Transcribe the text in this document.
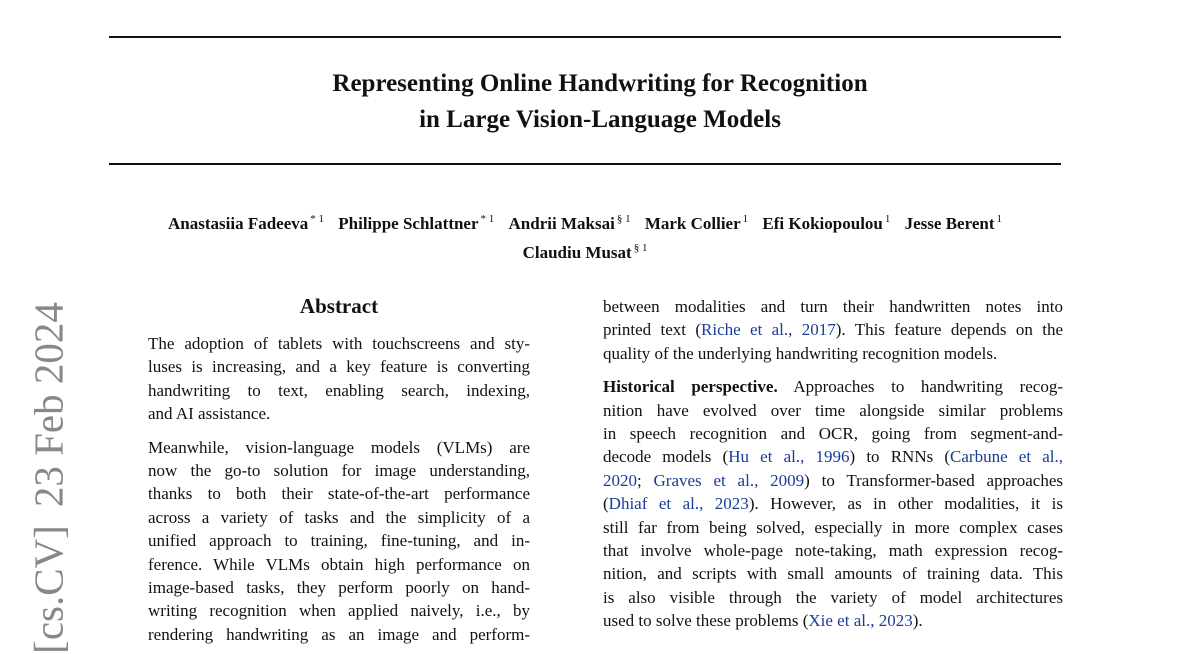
Representing Online Handwriting for Recognition
in Large Vision-Language Models
Anastasiia Fadeeva $^{* 1}$ Philippe Schlattner $^{* 1}$ Andrii Maksai $^{\S 1}$ Mark Collier $^1$ Efi Kokiopoulou $^1$ Jesse Berent $^1$
Claudiu Musat $^{\S 1}$
[cs.CV]23 Feb 2024	Abstract

The adoption of tablets with touchscreens and sty-
luses is increasing, and a key feature is converting
handwriting to text, enabling search, indexing,
and AI assistance.

Meanwhile, vision-language models (VLMs) are
now the go-to solution for image understanding,
thanks to both their state-of-the-art performance
across a variety of tasks and the simplicity of a
unified approach to training, fine-tuning, and in-
ference. While VLMs obtain high performance on
image-based tasks, they perform poorly on hand-
writing recognition when applied naively, i.e., by
rendering handwriting as an image and perform-

between modalities and turn their handwritten notes into
printed text (Riche et al., 2017). This feature depends on the
quality of the underlying handwriting recognition models.

Historical perspective. Approaches to handwriting recog-
nition have evolved over time alongside similar problems
in speech recognition and OCR, going from segment-and-
decode models (Hu et al., 1996) to RNNs (Carbune et al.,
2020; Graves et al., 2009) to Transformer-based approaches
(Dhiaf et al., 2023). However, as in other modalities, it is
still far from being solved, especially in more complex cases
that involve whole-page note-taking, math expression recog-
nition, and scripts with small amounts of training data. This
is also visible through the variety of model architectures
used to solve these problems (Xie et al., 2023).
